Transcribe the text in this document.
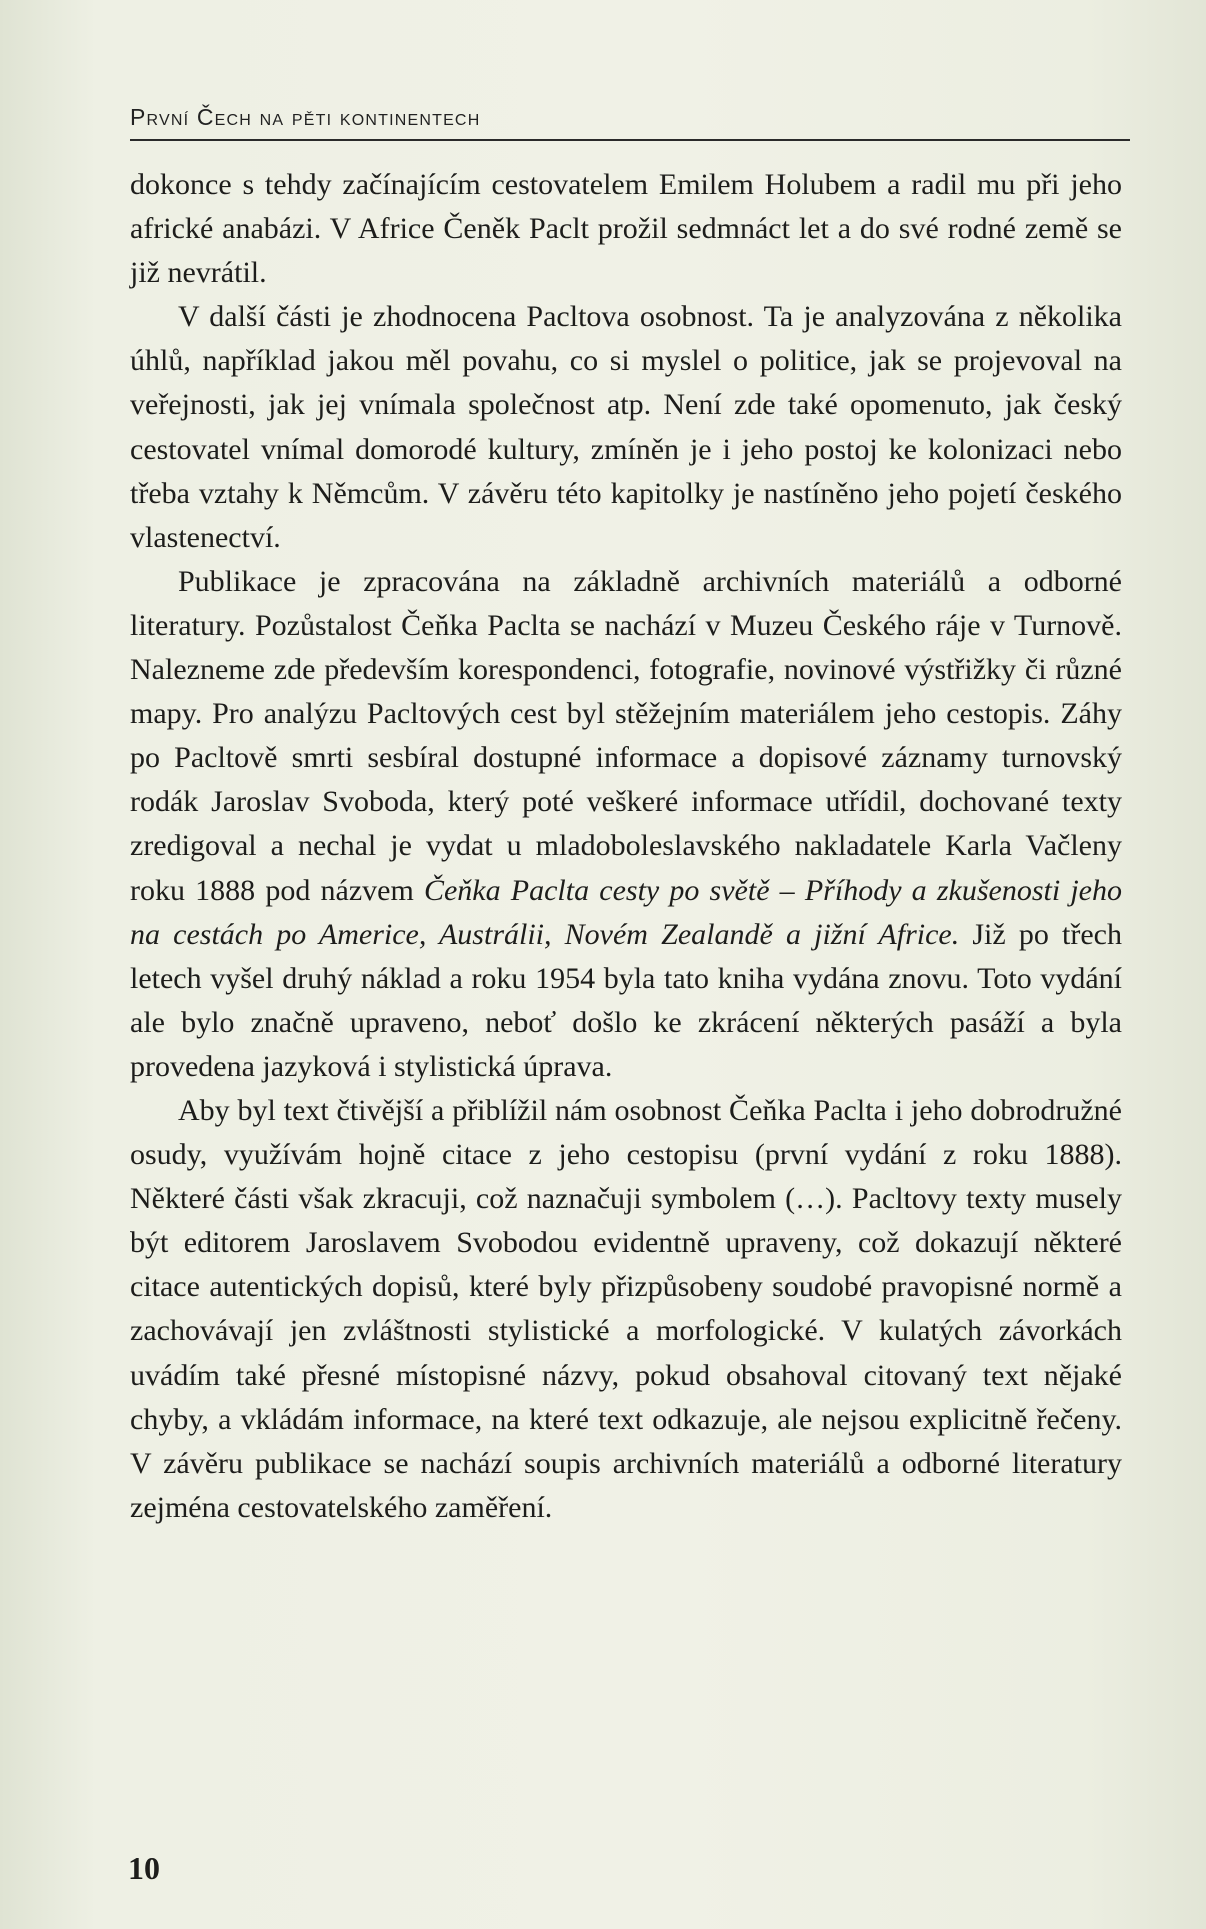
První Čech na pěti kontinentech

dokonce s tehdy začínajícím cestovatelem Emilem Holubem a radil mu při jeho africké anabázi. V Africe Čeněk Paclt prožil sedmnáct let a do své rodné země se již nevrátil.

V další části je zhodnocena Pacltova osobnost. Ta je analyzována z několika úhlů, například jakou měl povahu, co si myslel o politice, jak se projevoval na veřejnosti, jak jej vnímala společnost atp. Není zde také opomenuto, jak český cestovatel vnímal domorodé kultury, zmíněn je i jeho postoj ke kolonizaci nebo třeba vztahy k Němcům. V závěru této kapitolky je nastíněno jeho pojetí českého vlastenectví.

Publikace je zpracována na základně archivních materiálů a odborné literatury. Pozůstalost Čeňka Paclta se nachází v Muzeu Českého ráje v Turnově. Nalezneme zde především korespondenci, fotografie, novinové výstřižky či různé mapy. Pro analýzu Pacltových cest byl stěžejním materiálem jeho cestopis. Záhy po Pacltově smrti sesbíral dostupné informace a dopisové záznamy turnovský rodák Jaroslav Svoboda, který poté veškeré informace utřídil, dochované texty zredigoval a nechal je vydat u mladoboleslavského nakladatele Karla Vačleny roku 1888 pod názvem Čeňka Paclta cesty po světě – Příhody a zkušenosti jeho na cestách po Americe, Austrálii, Novém Zealandě a jižní Africe. Již po třech letech vyšel druhý náklad a roku 1954 byla tato kniha vydána znovu. Toto vydání ale bylo značně upraveno, neboť došlo ke zkrácení některých pasáží a byla provedena jazyková i stylistická úprava.

Aby byl text čtivější a přiblížil nám osobnost Čeňka Paclta i jeho dobrodružné osudy, využívám hojně citace z jeho cestopisu (první vydání z roku 1888). Některé části však zkracuji, což naznačuji symbolem (…). Pacltovy texty musely být editorem Jaroslavem Svobodou evidentně upraveny, což dokazují některé citace autentických dopisů, které byly přizpůsobeny soudobé pravopisné normě a zachovávají jen zvláštnosti stylistické a morfologické. V kulatých závorkách uvádím také přesné místopisné názvy, pokud obsahoval citovaný text nějaké chyby, a vkládám informace, na které text odkazuje, ale nejsou explicitně řečeny. V závěru publikace se nachází soupis archivních materiálů a odborné literatury zejména cestovatelského zaměření.

10
